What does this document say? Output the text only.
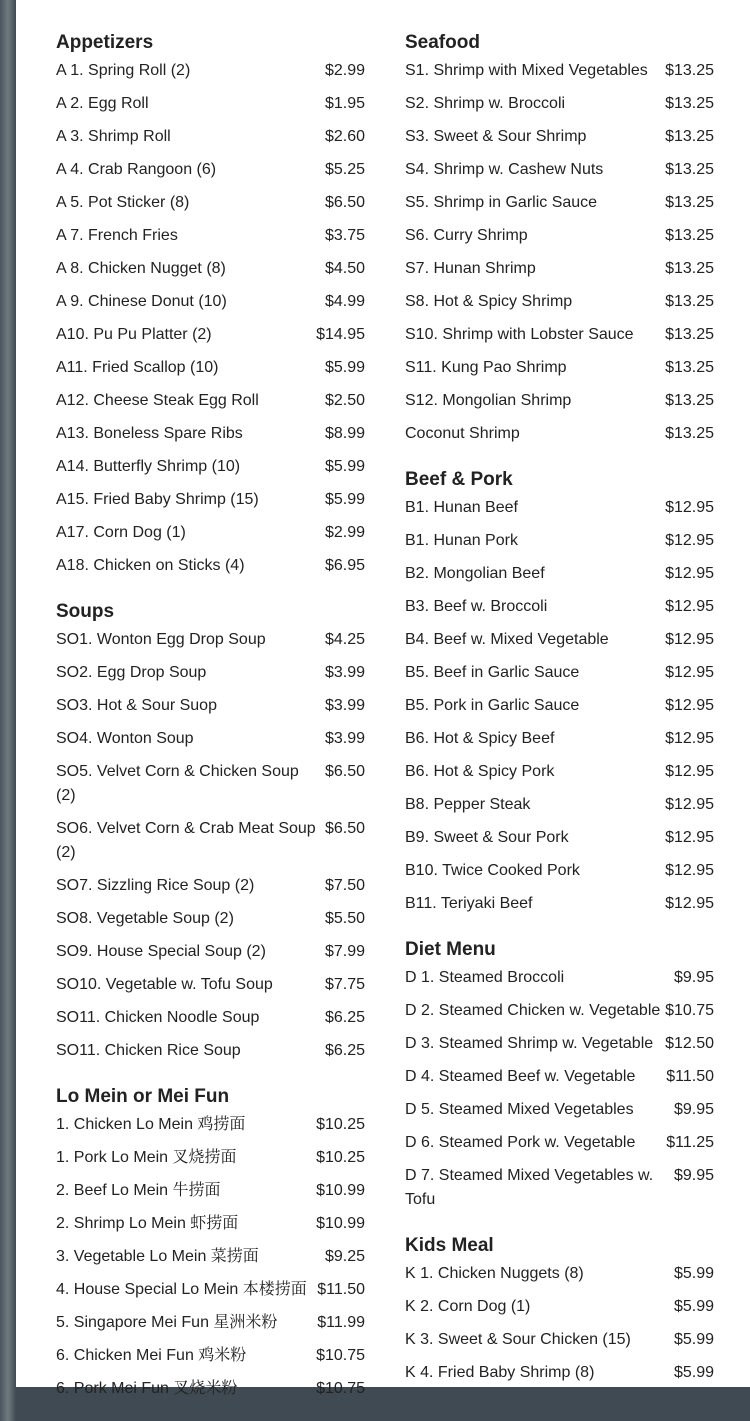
Appetizers
A 1. Spring Roll (2)	$2.99
A 2. Egg Roll	$1.95
A 3. Shrimp Roll	$2.60
A 4. Crab Rangoon (6)	$5.25
A 5. Pot Sticker (8)	$6.50
A 7. French Fries	$3.75
A 8. Chicken Nugget (8)	$4.50
A 9. Chinese Donut (10)	$4.99
A10. Pu Pu Platter (2)	$14.95
A11. Fried Scallop (10)	$5.99
A12. Cheese Steak Egg Roll	$2.50
A13. Boneless Spare Ribs	$8.99
A14. Butterfly Shrimp (10)	$5.99
A15. Fried Baby Shrimp (15)	$5.99
A17. Corn Dog (1)	$2.99
A18. Chicken on Sticks (4)	$6.95
Soups
SO1. Wonton Egg Drop Soup	$4.25
SO2. Egg Drop Soup	$3.99
SO3. Hot & Sour Suop	$3.99
SO4. Wonton Soup	$3.99
SO5. Velvet Corn & Chicken Soup (2)
$6.50
SO6. Velvet Corn & Crab Meat Soup (2)
$6.50
SO7. Sizzling Rice Soup (2)	$7.50
SO8. Vegetable Soup (2)	$5.50
SO9. House Special Soup (2)	$7.99
SO10. Vegetable w. Tofu Soup	$7.75
SO11. Chicken Noodle Soup	$6.25
SO11. Chicken Rice Soup	$6.25
Lo Mein or Mei Fun
1. Chicken Lo Mein 鸡捞面	$10.25
1. Pork Lo Mein 叉烧捞面	$10.25
2. Beef Lo Mein 牛捞面	$10.99
2. Shrimp Lo Mein 虾捞面	$10.99
3. Vegetable Lo Mein 菜捞面	$9.25
4. House Special Lo Mein 本楼捞面 $11.50
5. Singapore Mei Fun 星洲米粉	$11.99
6. Chicken Mei Fun 鸡米粉	$10.75
6. Pork Mei Fun 叉烧米粉	$10.75
Seafood
S1. Shrimp with Mixed Vegetables	$13.25
S2. Shrimp w. Broccoli	$13.25
S3. Sweet & Sour Shrimp	$13.25
S4. Shrimp w. Cashew Nuts	$13.25
S5. Shrimp in Garlic Sauce	$13.25
S6. Curry Shrimp	$13.25
S7. Hunan Shrimp	$13.25
S8. Hot & Spicy Shrimp	$13.25
S10. Shrimp with Lobster Sauce	$13.25
S11. Kung Pao Shrimp	$13.25
S12. Mongolian Shrimp	$13.25
Coconut Shrimp	$13.25
Beef & Pork
B1. Hunan Beef	$12.95
B1. Hunan Pork	$12.95
B2. Mongolian Beef	$12.95
B3. Beef w. Broccoli	$12.95
B4. Beef w. Mixed Vegetable	$12.95
B5. Beef in Garlic Sauce	$12.95
B5. Pork in Garlic Sauce	$12.95
B6. Hot & Spicy Beef	$12.95
B6. Hot & Spicy Pork	$12.95
B8. Pepper Steak	$12.95
B9. Sweet & Sour Pork	$12.95
B10. Twice Cooked Pork	$12.95
B11. Teriyaki Beef	$12.95
Diet Menu
D 1. Steamed Broccoli	$9.95
D 2. Steamed Chicken w. Vegetable $10.75
D 3. Steamed Shrimp w. Vegetable $12.50
D 4. Steamed Beef w. Vegetable	$11.50
D 5. Steamed Mixed Vegetables	$9.95
D 6. Steamed Pork w. Vegetable	$11.25
D 7. Steamed Mixed Vegetables w. Tofu
$9.95
Kids Meal
K 1. Chicken Nuggets (8)	$5.99
K 2. Corn Dog (1)	$5.99
K 3. Sweet & Sour Chicken (15)	$5.99
K 4. Fried Baby Shrimp (8)	$5.99
